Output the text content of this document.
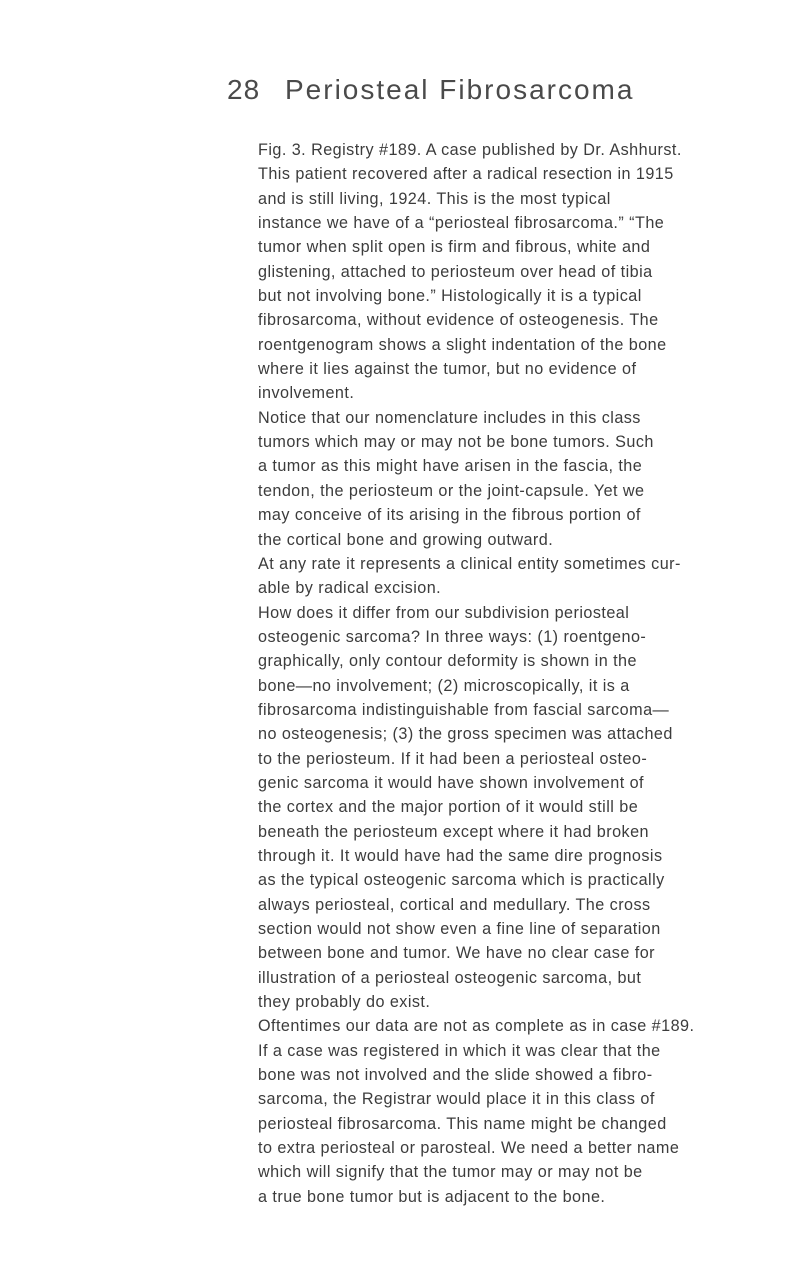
28 Periosteal Fibrosarcoma
Fig. 3. Registry #189. A case published by Dr. Ashhurst.
This patient recovered after a radical resection in 1915
and is still living, 1924. This is the most typical
instance we have of a “periosteal fibrosarcoma.” “The
tumor when split open is firm and fibrous, white and
glistening, attached to periosteum over head of tibia
but not involving bone.” Histologically it is a typical
fibrosarcoma, without evidence of osteogenesis. The
roentgenogram shows a slight indentation of the bone
where it lies against the tumor, but no evidence of
involvement.
Notice that our nomenclature includes in this class
tumors which may or may not be bone tumors. Such
a tumor as this might have arisen in the fascia, the
tendon, the periosteum or the joint-capsule. Yet we
may conceive of its arising in the fibrous portion of
the cortical bone and growing outward.
At any rate it represents a clinical entity sometimes cur-
able by radical excision.
How does it differ from our subdivision periosteal
osteogenic sarcoma? In three ways: (1) roentgeno-
graphically, only contour deformity is shown in the
bone—no involvement; (2) microscopically, it is a
fibrosarcoma indistinguishable from fascial sarcoma—
no osteogenesis; (3) the gross specimen was attached
to the periosteum. If it had been a periosteal osteo-
genic sarcoma it would have shown involvement of
the cortex and the major portion of it would still be
beneath the periosteum except where it had broken
through it. It would have had the same dire prognosis
as the typical osteogenic sarcoma which is practically
always periosteal, cortical and medullary. The cross
section would not show even a fine line of separation
between bone and tumor. We have no clear case for
illustration of a periosteal osteogenic sarcoma, but
they probably do exist.
Oftentimes our data are not as complete as in case #189.
If a case was registered in which it was clear that the
bone was not involved and the slide showed a fibro-
sarcoma, the Registrar would place it in this class of
periosteal fibrosarcoma. This name might be changed
to extra periosteal or parosteal. We need a better name
which will signify that the tumor may or may not be
a true bone tumor but is adjacent to the bone.
